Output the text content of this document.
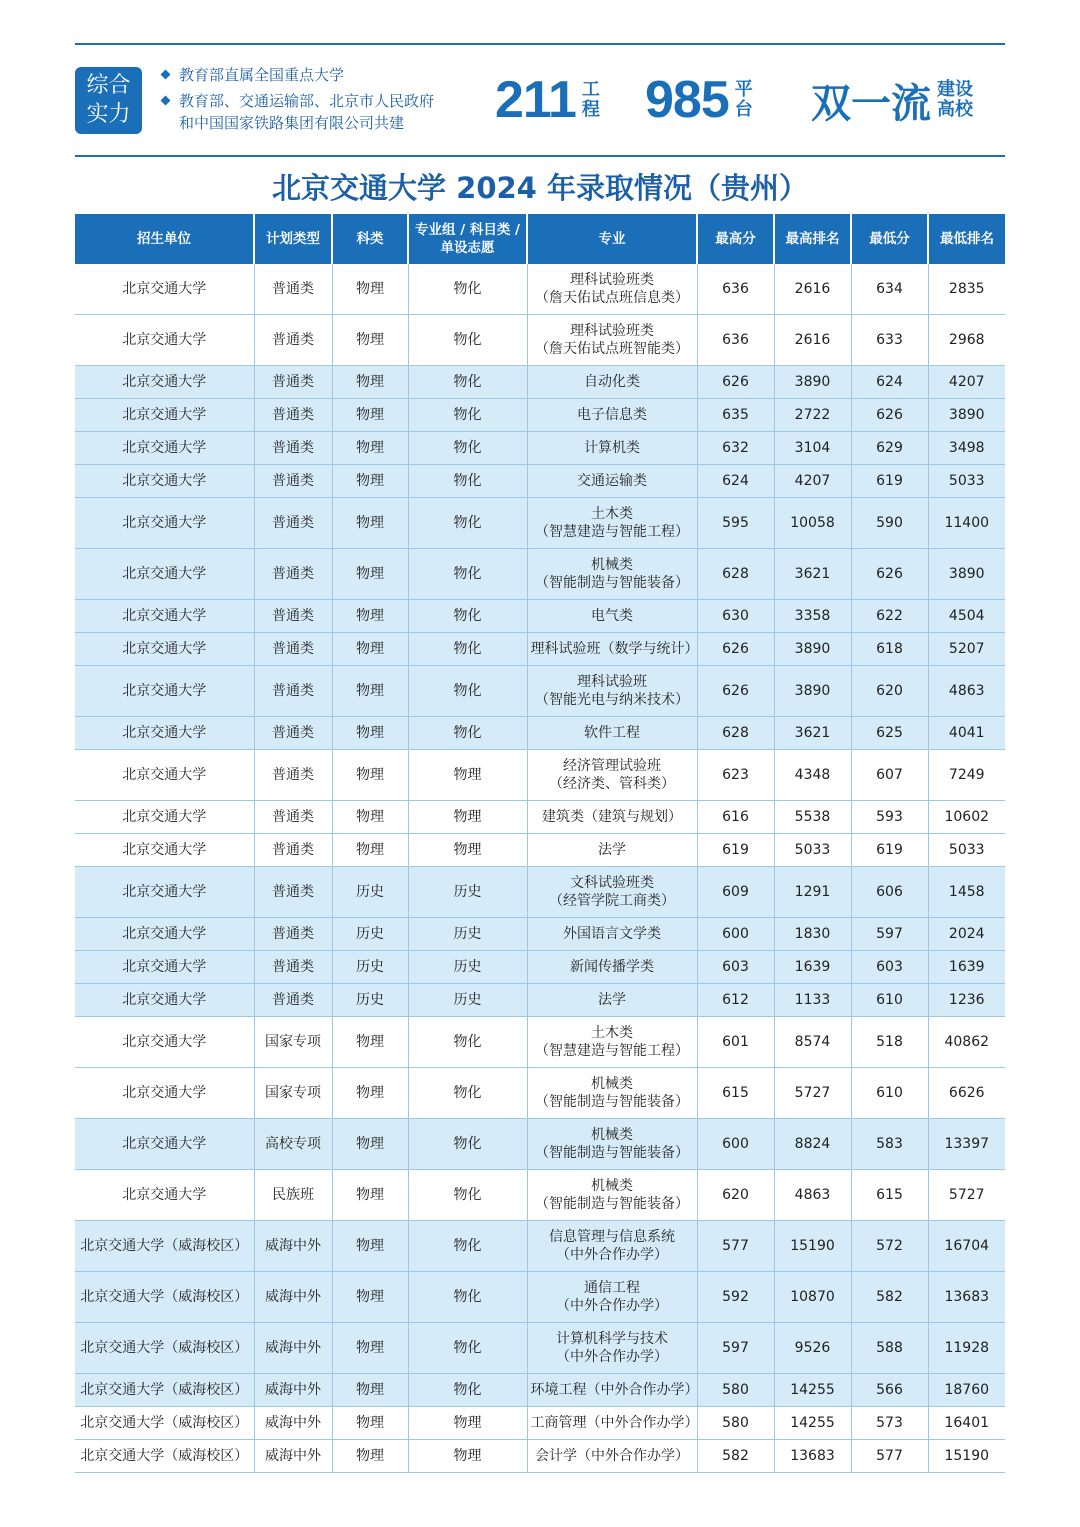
综合
实力
教育部直属全国重点大学
教育部、交通运输部、北京市人民政府
和中国国家铁路集团有限公司共建	211 工
程 985 平
台 双一流 建设
高校
北京交通大学 2024 年录取情况（贵州）
招生单位	计划类型	科类	专业组 / 科目类 / 单设志愿	专业	最高分	最高排名	最低分	最低排名
北京交通大学	普通类	物理	物化	理科试验班类
（詹天佑试点班信息类）	636	2616	634	2835
北京交通大学	普通类	物理	物化	理科试验班类
（詹天佑试点班智能类）	636	2616	633	2968
北京交通大学	普通类	物理	物化	自动化类	626	3890	624	4207
北京交通大学	普通类	物理	物化	电子信息类	635	2722	626	3890
北京交通大学	普通类	物理	物化	计算机类	632	3104	629	3498
北京交通大学	普通类	物理	物化	交通运输类	624	4207	619	5033
北京交通大学	普通类	物理	物化	土木类
（智慧建造与智能工程）	595	10058	590	11400
北京交通大学	普通类	物理	物化	机械类
（智能制造与智能装备）	628	3621	626	3890
北京交通大学	普通类	物理	物化	电气类	630	3358	622	4504
北京交通大学	普通类	物理	物化	理科试验班（数学与统计）	626	3890	618	5207
北京交通大学	普通类	物理	物化	理科试验班
（智能光电与纳米技术）	626	3890	620	4863
北京交通大学	普通类	物理	物化	软件工程	628	3621	625	4041
北京交通大学	普通类	物理	物理	经济管理试验班
（经济类、管科类）	623	4348	607	7249
北京交通大学	普通类	物理	物理	建筑类（建筑与规划）	616	5538	593	10602
北京交通大学	普通类	物理	物理	法学	619	5033	619	5033
北京交通大学	普通类	历史	历史	文科试验班类
（经管学院工商类）	609	1291	606	1458
北京交通大学	普通类	历史	历史	外国语言文学类	600	1830	597	2024
北京交通大学	普通类	历史	历史	新闻传播学类	603	1639	603	1639
北京交通大学	普通类	历史	历史	法学	612	1133	610	1236
北京交通大学	国家专项	物理	物化	土木类
（智慧建造与智能工程）	601	8574	518	40862
北京交通大学	国家专项	物理	物化	机械类
（智能制造与智能装备）	615	5727	610	6626
北京交通大学	高校专项	物理	物化	机械类
（智能制造与智能装备）	600	8824	583	13397
北京交通大学	民族班	物理	物化	机械类
（智能制造与智能装备）	620	4863	615	5727
北京交通大学（威海校区）	威海中外	物理	物化	信息管理与信息系统
（中外合作办学）	577	15190	572	16704
北京交通大学（威海校区）	威海中外	物理	物化	通信工程
（中外合作办学）	592	10870	582	13683
北京交通大学（威海校区）	威海中外	物理	物化	计算机科学与技术
（中外合作办学）	597	9526	588	11928
北京交通大学（威海校区）	威海中外	物理	物化	环境工程（中外合作办学）	580	14255	566	18760
北京交通大学（威海校区）	威海中外	物理	物理	工商管理（中外合作办学）	580	14255	573	16401
北京交通大学（威海校区）	威海中外	物理	物理	会计学（中外合作办学）	582	13683	577	15190
